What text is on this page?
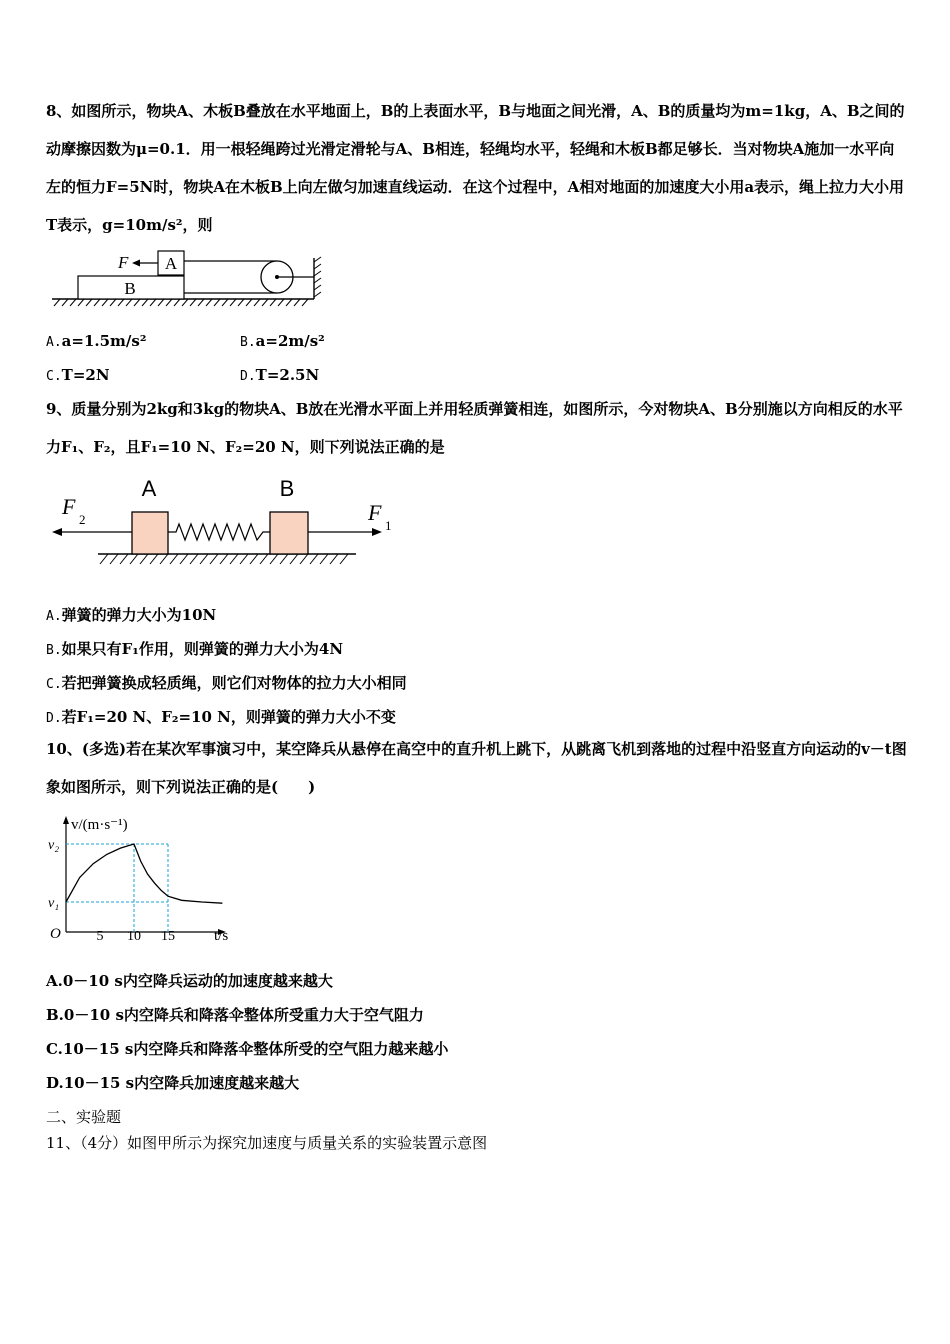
8、如图所示，物块A、木板B叠放在水平地面上，B的上表面水平，B与地面之间光滑，A、B的质量均为m=1kg，A、B之间的动摩擦因数为μ=0.1．用一根轻绳跨过光滑定滑轮与A、B相连，轻绳均水平，轻绳和木板B都足够长．当对物块A施加一水平向左的恒力F=5N时，物块A在木板B上向左做匀加速直线运动．在这个过程中，A相对地面的加速度大小用a表示，绳上拉力大小用T表示，g=10m/s²，则
B
A
F
A.a=1.5m/s²	B.a=2m/s²
C.T=2N	D.T=2.5N
9、质量分别为2kg和3kg的物块A、B放在光滑水平面上并用轻质弹簧相连，如图所示，今对物块A、B分别施以方向相反的水平力F₁、F₂，且F₁=10 N、F₂=20 N，则下列说法正确的是
A	B
F
2	F
1
A.弹簧的弹力大小为10N
B.如果只有F₁作用，则弹簧的弹力大小为4N
C.若把弹簧换成轻质绳，则它们对物体的拉力大小相同
D.若F₁=20 N、F₂=10 N，则弹簧的弹力大小不变
10、(多选)若在某次军事演习中，某空降兵从悬停在高空中的直升机上跳下，从跳离飞机到落地的过程中沿竖直方向运动的v－t图象如图所示，则下列说法正确的是(　　)
v/(m·s⁻¹)
t/s
O	5 10 15
v₁
v₂
A.0－10 s内空降兵运动的加速度越来越大
B.0－10 s内空降兵和降落伞整体所受重力大于空气阻力
C.10－15 s内空降兵和降落伞整体所受的空气阻力越来越小
D.10－15 s内空降兵加速度越来越大
二、实验题
11、（4分）如图甲所示为探究加速度与质量关系的实验装置示意图
